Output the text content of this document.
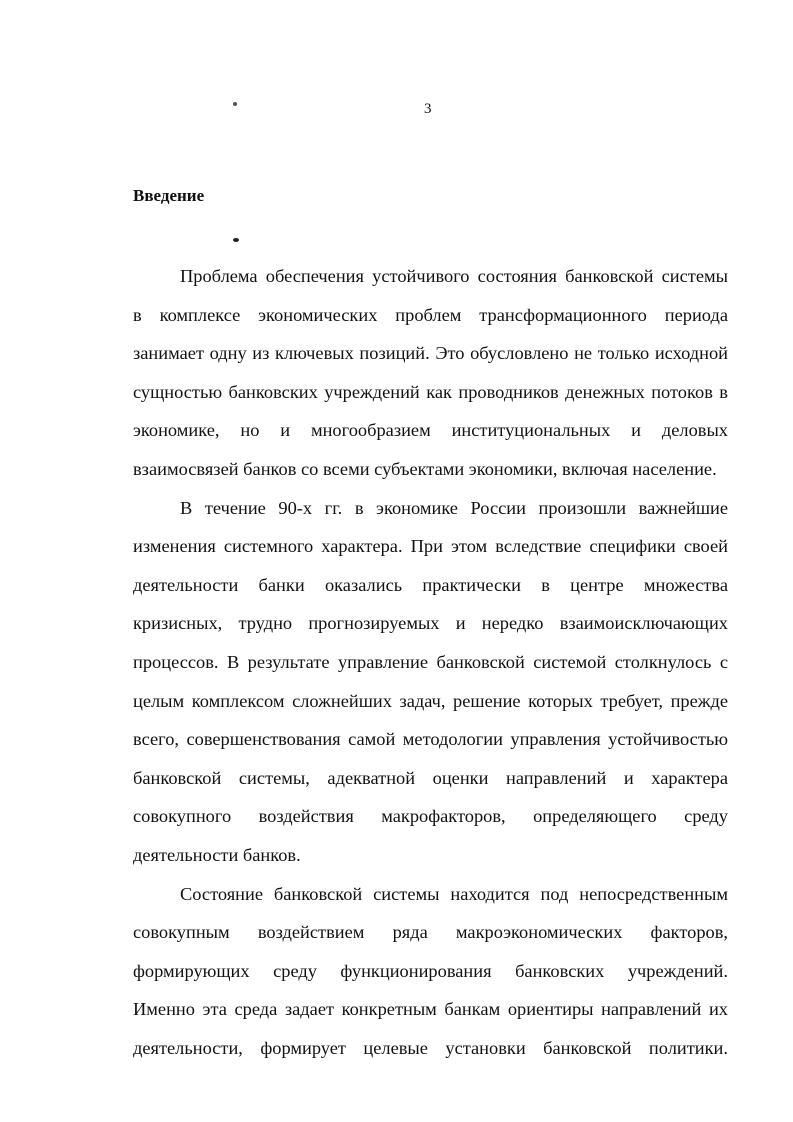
3
Введение
Проблема обеспечения устойчивого состояния банковской системы
в комплексе экономических проблем трансформационного периода
занимает одну из ключевых позиций. Это обусловлено не только исходной
сущностью банковских учреждений как проводников денежных потоков в
экономике, но и многообразием институциональных и деловых
взаимосвязей банков со всеми субъектами экономики, включая население.
В течение 90-х гг. в экономике России произошли важнейшие
изменения системного характера. При этом вследствие специфики своей
деятельности банки оказались практически в центре множества
кризисных, трудно прогнозируемых и нередко взаимоисключающих
процессов. В результате управление банковской системой столкнулось с
целым комплексом сложнейших задач, решение которых требует, прежде
всего, совершенствования самой методологии управления устойчивостью
банковской системы, адекватной оценки направлений и характера
совокупного воздействия макрофакторов, определяющего среду
деятельности банков.
Состояние банковской системы находится под непосредственным
совокупным воздействием ряда макроэкономических факторов,
формирующих среду функционирования банковских учреждений.
Именно эта среда задает конкретным банкам ориентиры направлений их
деятельности, формирует целевые установки банковской политики.
